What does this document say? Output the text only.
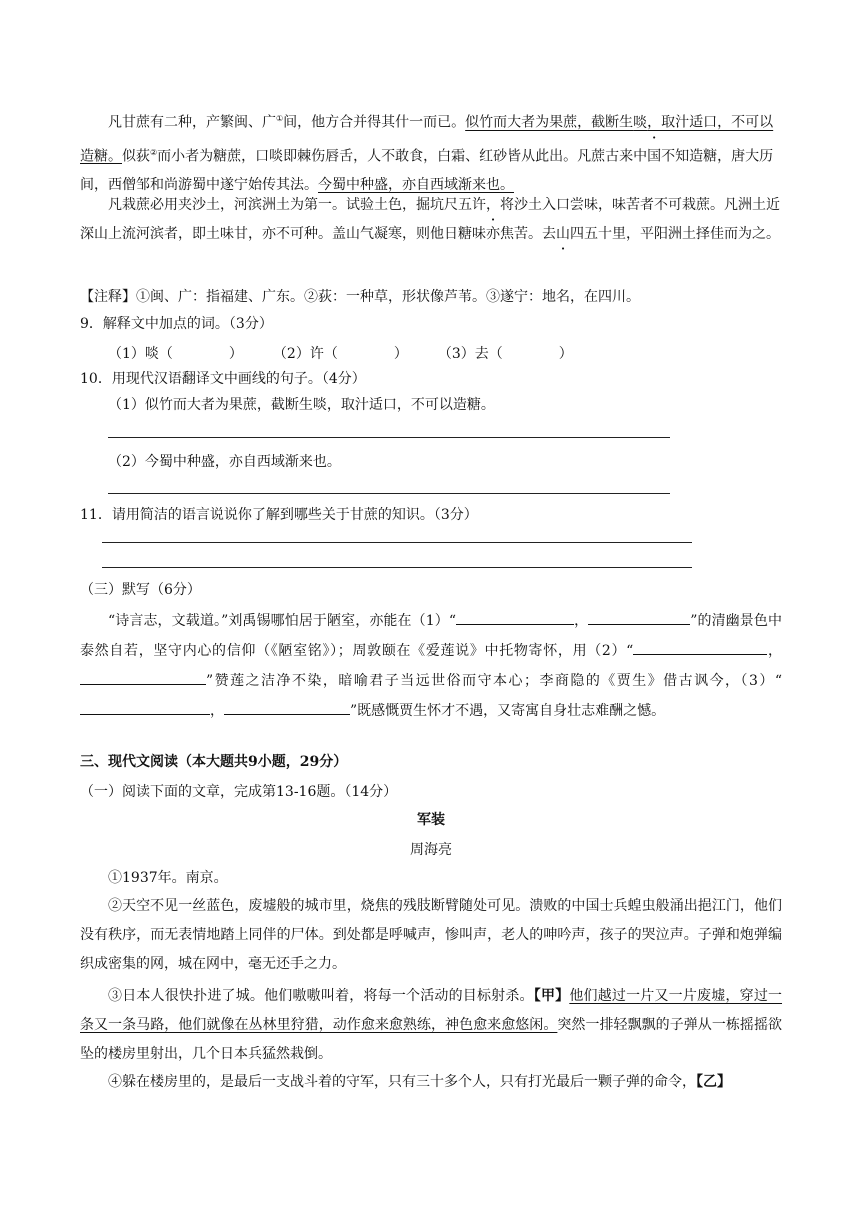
凡甘蔗有二种，产繁闽、广①间，他方合并得其什一而已。似竹而大者为果蔗，截断生啖，取汁适口，不可以造糖。似荻②而小者为糖蔗，口啖即棘伤唇舌，人不敢食，白霜、红砂皆从此出。凡蔗古来中国不知造糖，唐大历间，西僧邹和尚游蜀中遂宁始传其法。今蜀中种盛，亦自西域渐来也。

凡栽蔗必用夹沙土，河滨洲土为第一。试验土色，掘坑尺五许，将沙土入口尝味，味苦者不可栽蔗。凡洲土近深山上流河滨者，即土味甘，亦不可种。盖山气凝寒，则他日糖味亦焦苦。去山四五十里，平阳洲土择佳而为之。

【注释】①闽、广：指福建、广东。②荻：一种草，形状像芦苇。③遂宁：地名，在四川。

9．解释文中加点的词。（3分）

（1）啖（	） （2）许（	） （3）去（	）

10．用现代汉语翻译文中画线的句子。（4分）

（1）似竹而大者为果蔗，截断生啖，取汁适口，不可以造糖。

（2）今蜀中种盛，亦自西域渐来也。

11．请用简洁的语言说说你了解到哪些关于甘蔗的知识。（3分）

（三）默写（6分）

“诗言志，文载道。”刘禹锡哪怕居于陋室，亦能在（1）“	，	”的清幽景色中泰然自若，坚守内心的信仰（《陋室铭》）；周敦颐在《爱莲说》中托物寄怀，用（2）“	，”赞莲之洁净不染，暗喻君子当远世俗而守本心；李商隐的《贾生》借古讽今，（3）“，	”既感慨贾生怀才不遇，又寄寓自身壮志难酬之憾。

三、现代文阅读（本大题共9小题，29分）

（一）阅读下面的文章，完成第13-16题。（14分）

军装

周海亮

①1937年。南京。

②天空不见一丝蓝色，废墟般的城市里，烧焦的残肢断臂随处可见。溃败的中国士兵蝗虫般涌出挹江门，他们没有秩序，而无表情地踏上同伴的尸体。到处都是呼喊声，惨叫声，老人的呻吟声，孩子的哭泣声。子弹和炮弹编织成密集的网，城在网中，毫无还手之力。

③日本人很快扑进了城。他们嗷嗷叫着，将每一个活动的目标射杀。【甲】他们越过一片又一片废墟，穿过一条又一条马路，他们就像在丛林里狩猎，动作愈来愈熟练，神色愈来愈悠闲。突然一排轻飘飘的子弹从一栋摇摇欲坠的楼房里射出，几个日本兵猛然栽倒。

④躲在楼房里的，是最后一支战斗着的守军，只有三十多个人，只有打光最后一颗子弹的命令，【乙】
